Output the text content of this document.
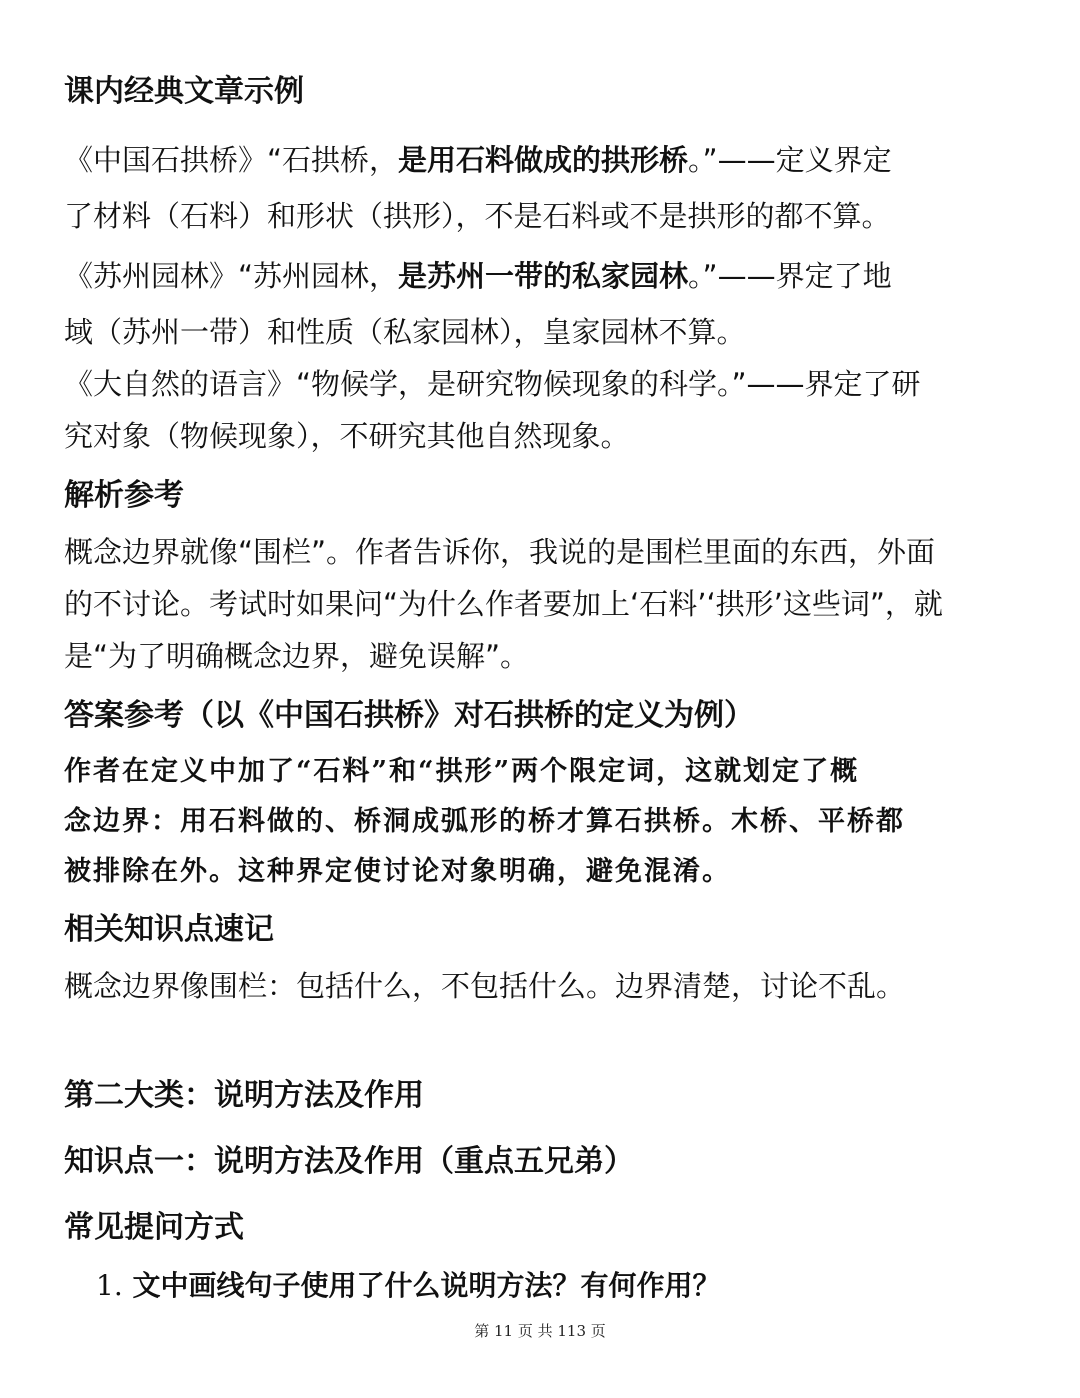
课内经典文章示例
《中国石拱桥》“石拱桥，是用石料做成的拱形桥。”——定义界定
了材料（石料）和形状（拱形），不是石料或不是拱形的都不算。
《苏州园林》“苏州园林，是苏州一带的私家园林。”——界定了地
域（苏州一带）和性质（私家园林），皇家园林不算。
《大自然的语言》“物候学，是研究物候现象的科学。”——界定了研
究对象（物候现象），不研究其他自然现象。
解析参考
概念边界就像“围栏”。作者告诉你，我说的是围栏里面的东西，外面
的不讨论。考试时如果问“为什么作者要加上‘石料’‘拱形’这些词”，就
是“为了明确概念边界，避免误解”。
答案参考（以《中国石拱桥》对石拱桥的定义为例）
作者在定义中加了“石料”和“拱形”两个限定词，这就划定了概
念边界：用石料做的、桥洞成弧形的桥才算石拱桥。木桥、平桥都
被排除在外。这种界定使讨论对象明确，避免混淆。
相关知识点速记
概念边界像围栏：包括什么，不包括什么。边界清楚，讨论不乱。
第二大类：说明方法及作用
知识点一：说明方法及作用（重点五兄弟）
常见提问方式
1. 文中画线句子使用了什么说明方法？有何作用？
第 11 页 共 113 页
